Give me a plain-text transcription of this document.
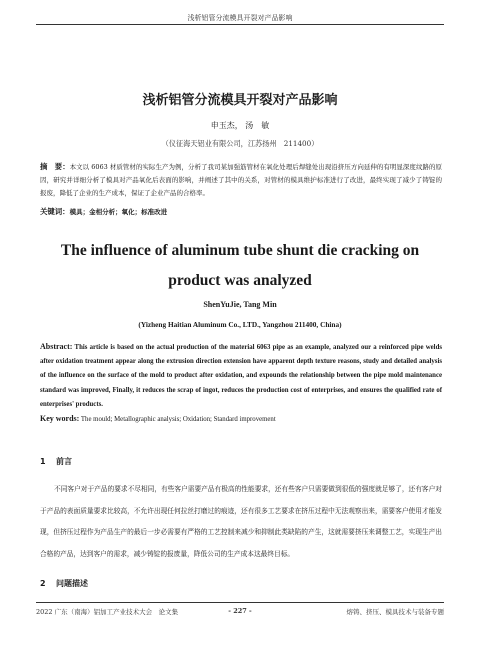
浅析铝管分流模具开裂对产品影响
浅析铝管分流模具开裂对产品影响
申玉杰， 汤　敏
（仪征海天铝业有限公司，江苏扬州　211400）
摘　要：本文以 6063 材质管材的实际生产为例，分析了我司某加强筋管材在氧化处理后焊缝处出现沿挤压方向延伸的有明显深度纹路的原因，研究并详细分析了模具对产品氧化后表面的影响，并阐述了其中的关系，对管材的模具维护标准进行了改进，最终实现了减少了铸锭的报废，降低了企业的生产成本，保证了企业产品的合格率。
关键词：模具；金相分析；氧化；标准改进
The influence of aluminum tube shunt die cracking on product was analyzed
ShenYuJie, Tang Min
(Yizheng Haitian Aluminum Co., LTD., Yangzhou 211400, China)
Abstract: This article is based on the actual production of the material 6063 pipe as an example, analyzed our a reinforced pipe welds after oxidation treatment appear along the extrusion direction extension have apparent depth texture reasons, study and detailed analysis of the influence on the surface of the mold to product after oxidation, and expounds the relationship between the pipe mold maintenance standard was improved, Finally, it reduces the scrap of ingot, reduces the production cost of enterprises, and ensures the qualified rate of enterprises' products.
Key words: The mould; Metallographic analysis; Oxidation; Standard improvement
1 前言
不同客户对于产品的要求不尽相同，有些客户需要产品有极高的性能要求，还有些客户只需要做到很低的强度就足够了，还有客户对于产品的表面质量要求比较高，不允许出现任何拉丝打磨过的痕迹，还有很多工艺要求在挤压过程中无法观察出来，需要客户使用才能发现，但挤压过程作为产品生产的最后一步必需要有严格的工艺控制来减少和抑制此类缺陷的产生，这就需要挤压来调整工艺，实现生产出合格的产品，达到客户的需求，减少铸锭的报废量，降低公司的生产成本这最终目标。
2 问题描述
2022 广东（南海）铝加工产业技术大会　论文集	- 227 -	熔铸、挤压、模具技术与装备专题
